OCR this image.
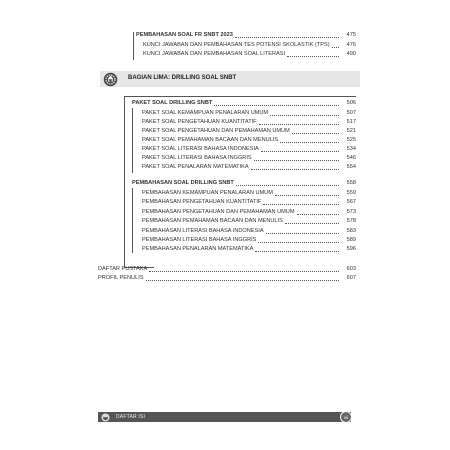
PEMBAHASAN SOAL FR SNBT 2023	475
KUNCI JAWABAN DAN PEMBAHASAN TES POTENSI SKOLASTIK (TPS)	476
KUNCI JAWABAN DAN PEMBAHASAN SOAL LITERASI	490
BAGIAN LIMA: DRILLING SOAL SNBT
PAKET SOAL DRILLING SNBT	506
PAKET SOAL KEMAMPUAN PENALARAN UMUM	507
PAKET SOAL PENGETAHUAN KUANTITATIF	517
PAKET SOAL PENGETAHUAN DAN PEMAHAMAN UMUM	521
PAKET SOAL PEMAHAMAN BACAAN DAN MENULIS	525
PAKET SOAL LITERASI BAHASA INDONESIA	534
PAKET SOAL LITERASI BAHASA INGGRIS	546
PAKET SOAL PENALARAN MATEMATIKA	554
PEMBAHASAN SOAL DRILLING SNBT	558
PEMBAHASAN KEMAMPUAN PENALARAN UMUM	559
PEMBAHASAN PENGETAHUAN KUANTITATIF	567
PEMBAHASAN PENGETAHUAN DAN PEMAHAMAN UMUM	573
PEMBAHASAN PEMAHAMAN BACAAN DAN MENULIS	578
PEMBAHASAN LITERASI BAHASA INDONESIA	583
PEMBAHASAN LITERASI BAHASA INGGRIS	589
PEMBAHASAN PENALARAN MATEMATIKA	596
DAFTAR PUSTAKA	603
PROFIL PENULIS	607
DAFTAR ISI	vii
